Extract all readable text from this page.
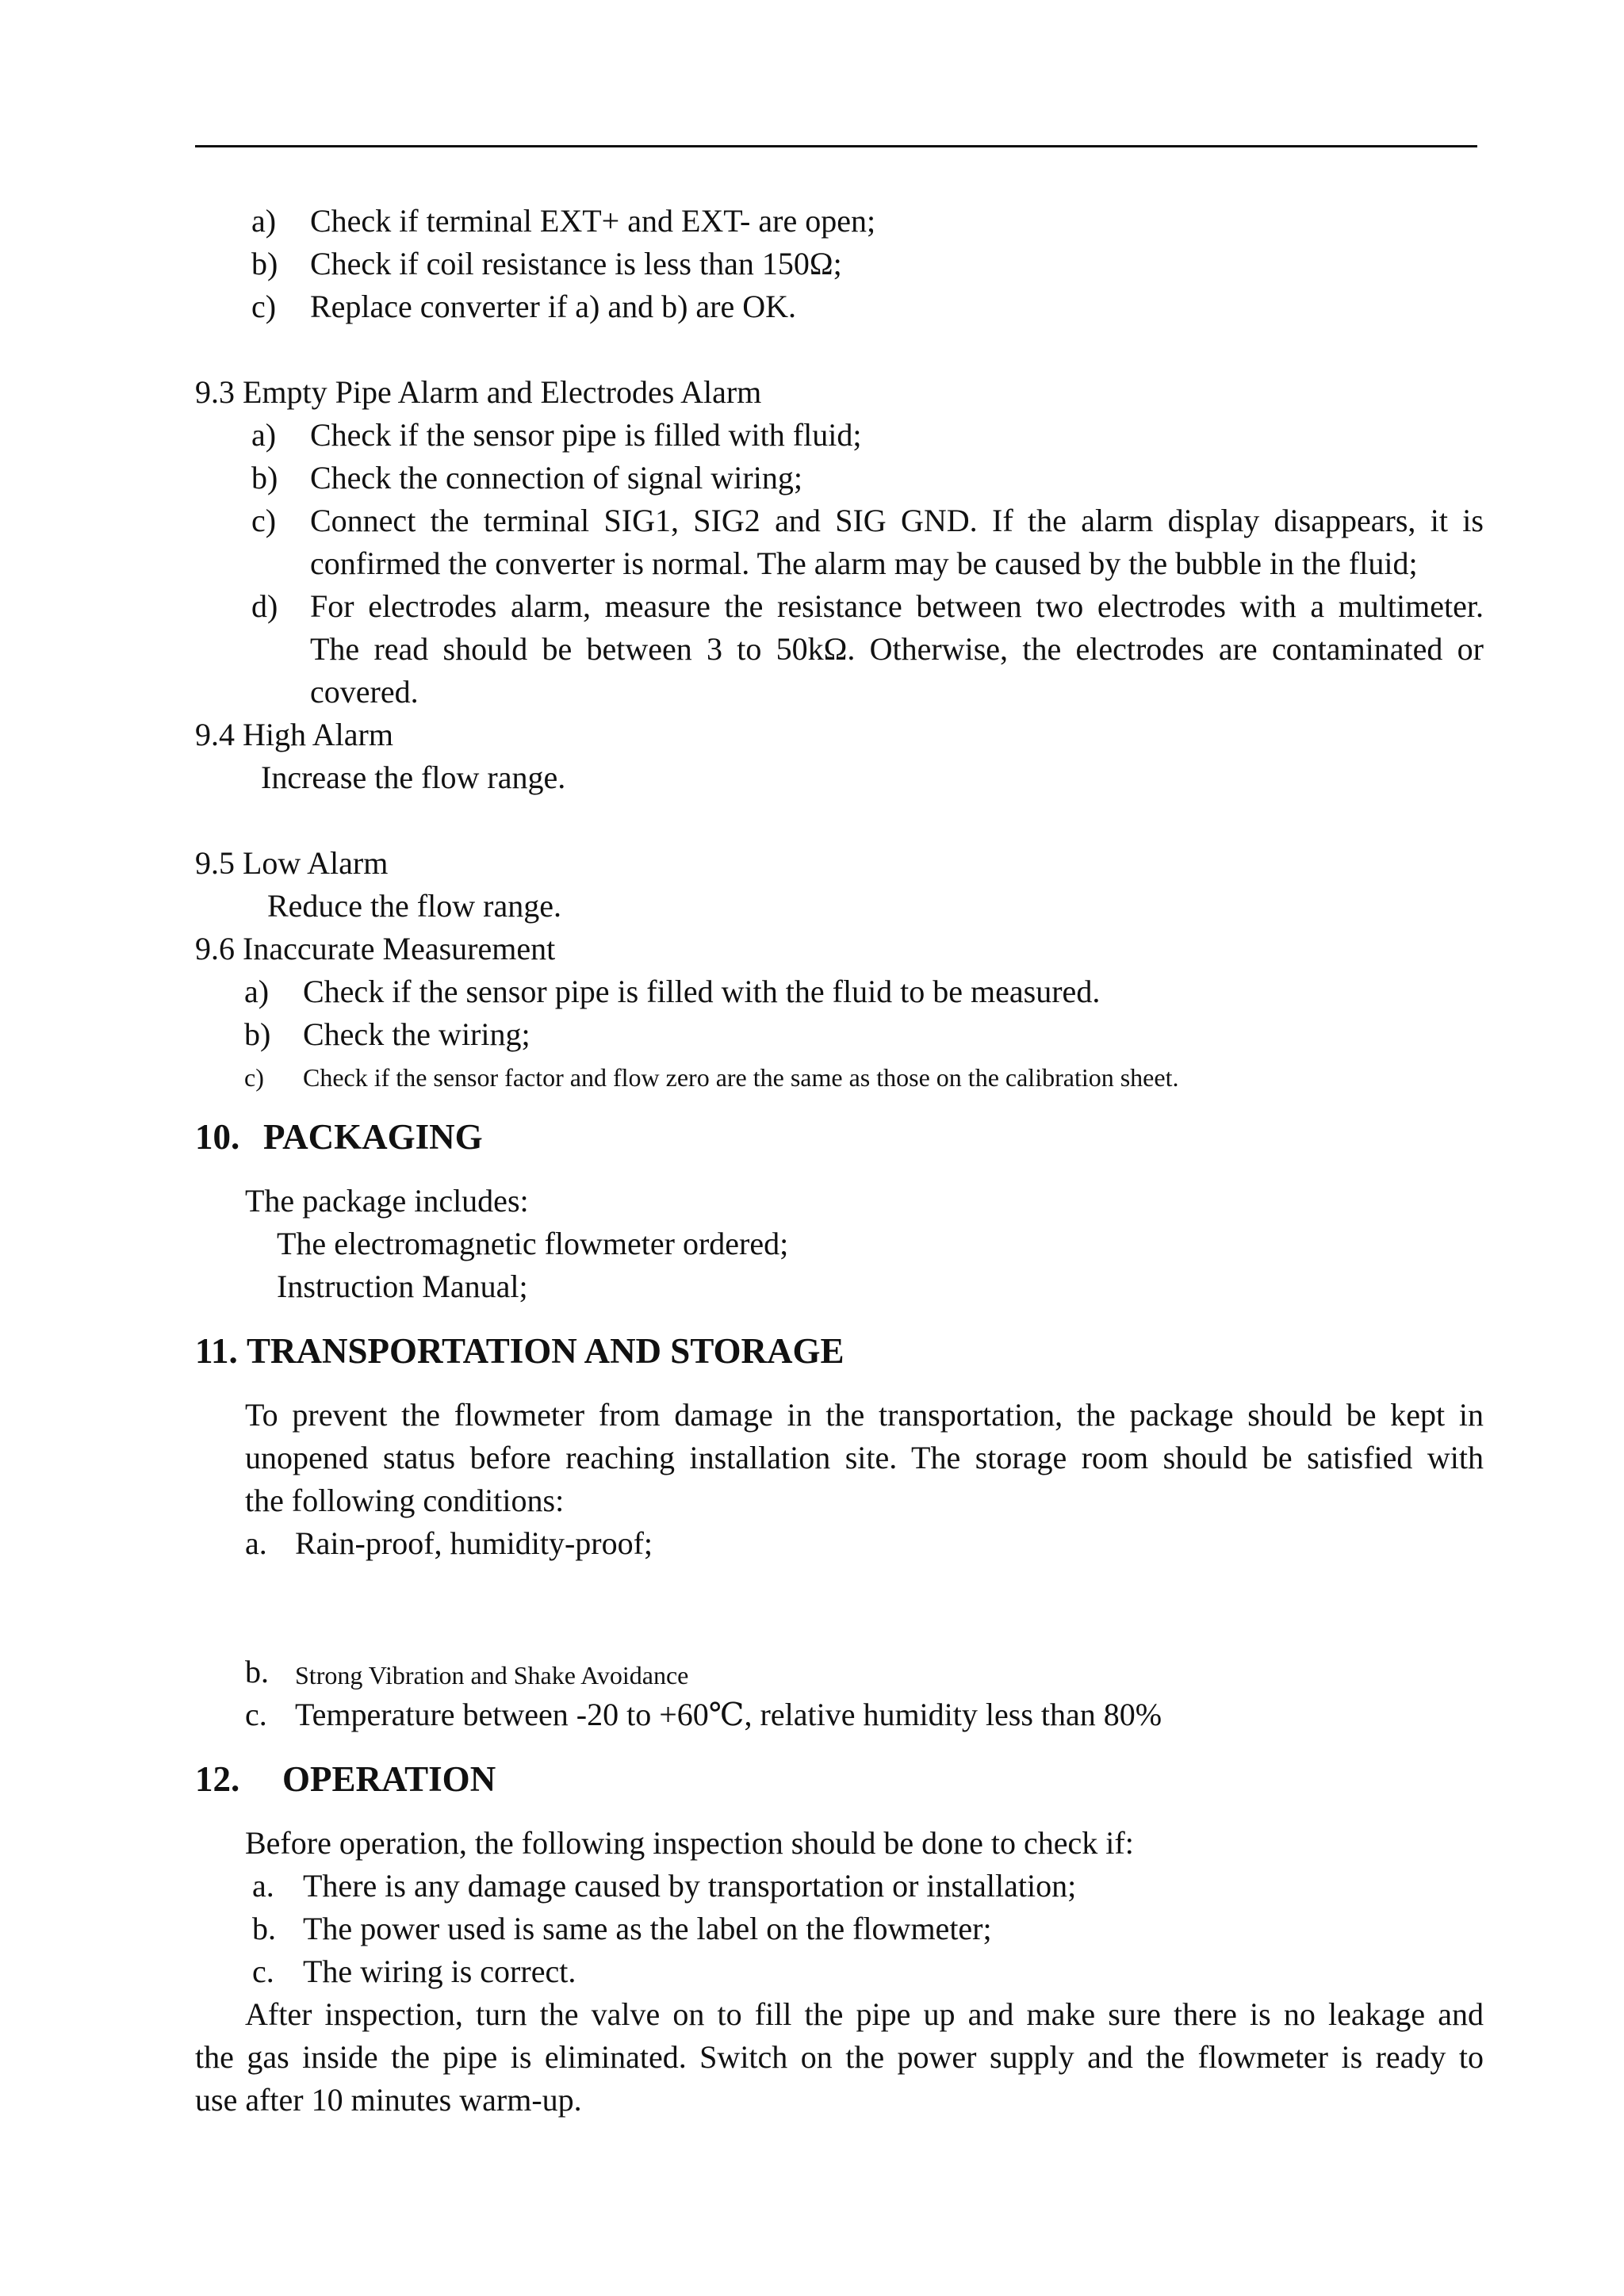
a) Check if terminal EXT+ and EXT- are open;
b) Check if coil resistance is less than 150Ω;
c) Replace converter if a) and b) are OK.
9.3 Empty Pipe Alarm and Electrodes Alarm
a) Check if the sensor pipe is filled with fluid;
b) Check the connection of signal wiring;
c) Connect the terminal SIG1, SIG2 and SIG GND. If the alarm display disappears, it is
confirmed the converter is normal. The alarm may be caused by the bubble in the fluid;
d) For electrodes alarm, measure the resistance between two electrodes with a multimeter.
The read should be between 3 to 50kΩ. Otherwise, the electrodes are contaminated or
covered.
9.4 High Alarm
Increase the flow range.
9.5 Low Alarm
Reduce the flow range.
9.6 Inaccurate Measurement
a) Check if the sensor pipe is filled with the fluid to be measured.
b) Check the wiring;
c) Check if the sensor factor and flow zero are the same as those on the calibration sheet.
10. PACKAGING
The package includes:
The electromagnetic flowmeter ordered;
Instruction Manual;
11. TRANSPORTATION AND STORAGE
To prevent the flowmeter from damage in the transportation, the package should be kept in
unopened status before reaching installation site. The storage room should be satisfied with
the following conditions:
a. Rain-proof, humidity-proof;
b. Strong Vibration and Shake Avoidance
c. Temperature between -20 to +60℃, relative humidity less than 80%
12. OPERATION
Before operation, the following inspection should be done to check if:
a. There is any damage caused by transportation or installation;
b. The power used is same as the label on the flowmeter;
c. The wiring is correct.
After inspection, turn the valve on to fill the pipe up and make sure there is no leakage and
the gas inside the pipe is eliminated. Switch on the power supply and the flowmeter is ready to
use after 10 minutes warm-up.
